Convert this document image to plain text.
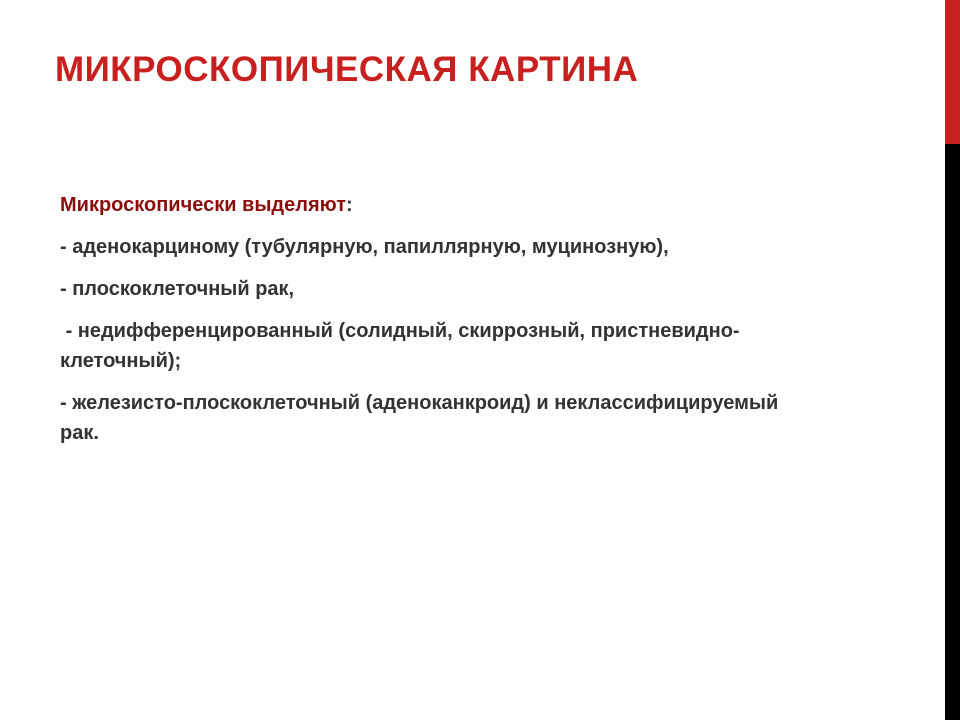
МИКРОСКОПИЧЕСКАЯ КАРТИНА

Микроскопически выделяют:

- аденокарциному (тубулярную, папиллярную, муцинозную),

- плоскоклеточный рак,

- недифференцированный (солидный, скиррозный, пристневидно-клеточный);

- железисто-плоскоклеточный (аденоканкроид) и неклассифицируемый рак.
